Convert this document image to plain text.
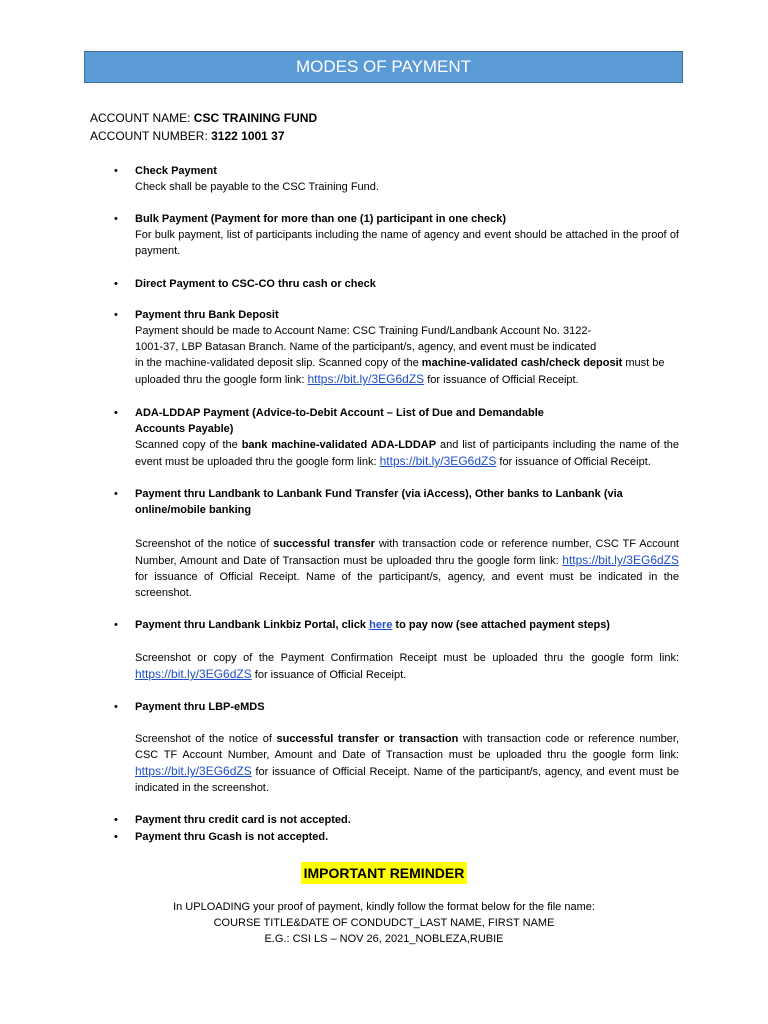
MODES OF PAYMENT
ACCOUNT NAME: CSC TRAINING FUND
ACCOUNT NUMBER: 3122 1001 37
• Check Payment

Check shall be payable to the CSC Training Fund.

• Bulk Payment (Payment for more than one (1) participant in one check)

For bulk payment, list of participants including the name of agency and event should be attached in the proof of payment.

• Direct Payment to CSC-CO thru cash or check

• Payment thru Bank Deposit

Payment should be made to Account Name: CSC Training Fund/Landbank Account No. 3122-

1001-37, LBP Batasan Branch. Name of the participant/s, agency, and event must be indicated

in the machine-validated deposit slip. Scanned copy of the machine-validated cash/check deposit must be

uploaded thru the google form link: https://bit.ly/3EG6dZS for issuance of Official Receipt.

• ADA-LDDAP Payment (Advice-to-Debit Account – List of Due and Demandable Accounts Payable)

Scanned copy of the bank machine-validated ADA-LDDAP and list of participants including the name of the event must be uploaded thru the google form link: https://bit.ly/3EG6dZS for issuance of Official Receipt.

• Payment thru Landbank to Lanbank Fund Transfer (via iAccess), Other banks to Lanbank (via online/mobile banking

Screenshot of the notice of successful transfer with transaction code or reference number, CSC TF Account Number, Amount and Date of Transaction must be uploaded thru the google form link: https://bit.ly/3EG6dZS for issuance of Official Receipt. Name of the participant/s, agency, and event must be indicated in the screenshot.

• Payment thru Landbank Linkbiz Portal, click here to pay now (see attached payment steps)

Screenshot or copy of the Payment Confirmation Receipt must be uploaded thru the google form link: https://bit.ly/3EG6dZS for issuance of Official Receipt.

• Payment thru LBP-eMDS

Screenshot of the notice of successful transfer or transaction with transaction code or reference number, CSC TF Account Number, Amount and Date of Transaction must be uploaded thru the google form link: https://bit.ly/3EG6dZS for issuance of Official Receipt. Name of the participant/s, agency, and event must be indicated in the screenshot.

• Payment thru credit card is not accepted.

• Payment thru Gcash is not accepted.

IMPORTANT REMINDER

In UPLOADING your proof of payment, kindly follow the format below for the file name:

COURSE TITLE&DATE OF CONDUDCT_LAST NAME, FIRST NAME

E.G.: CSI LS – NOV 26, 2021_NOBLEZA,RUBIE
